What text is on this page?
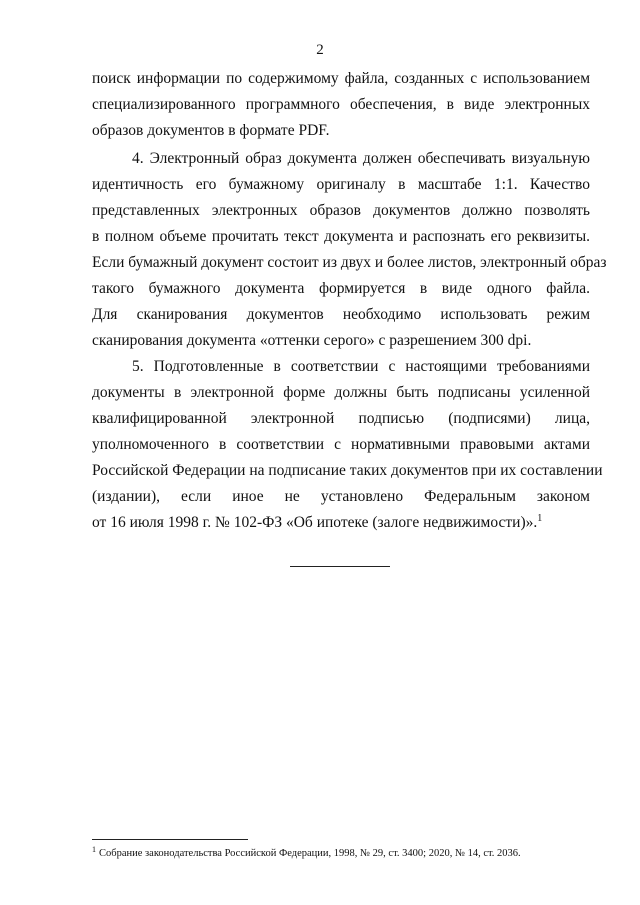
2
поиск информации по содержимому файла, созданных с использованием
специализированного программного обеспечения, в виде электронных
образов документов в формате PDF.
4. Электронный образ документа должен обеспечивать визуальную
идентичность его бумажному оригиналу в масштабе 1:1. Качество
представленных электронных образов документов должно позволять
в полном объеме прочитать текст документа и распознать его реквизиты.
Если бумажный документ состоит из двух и более листов, электронный образ
такого бумажного документа формируется в виде одного файла.
Для сканирования документов необходимо использовать режим
сканирования документа «оттенки серого» с разрешением 300 dpi.
5. Подготовленные в соответствии с настоящими требованиями
документы в электронной форме должны быть подписаны усиленной
квалифицированной электронной подписью (подписями) лица,
уполномоченного в соответствии с нормативными правовыми актами
Российской Федерации на подписание таких документов при их составлении
(издании), если иное не установлено Федеральным законом
от 16 июля 1998 г. № 102-ФЗ «Об ипотеке (залоге недвижимости)».$^1$
$^1$ Собрание законодательства Российской Федерации, 1998, № 29, ст. 3400; 2020, № 14, ст. 2036.
